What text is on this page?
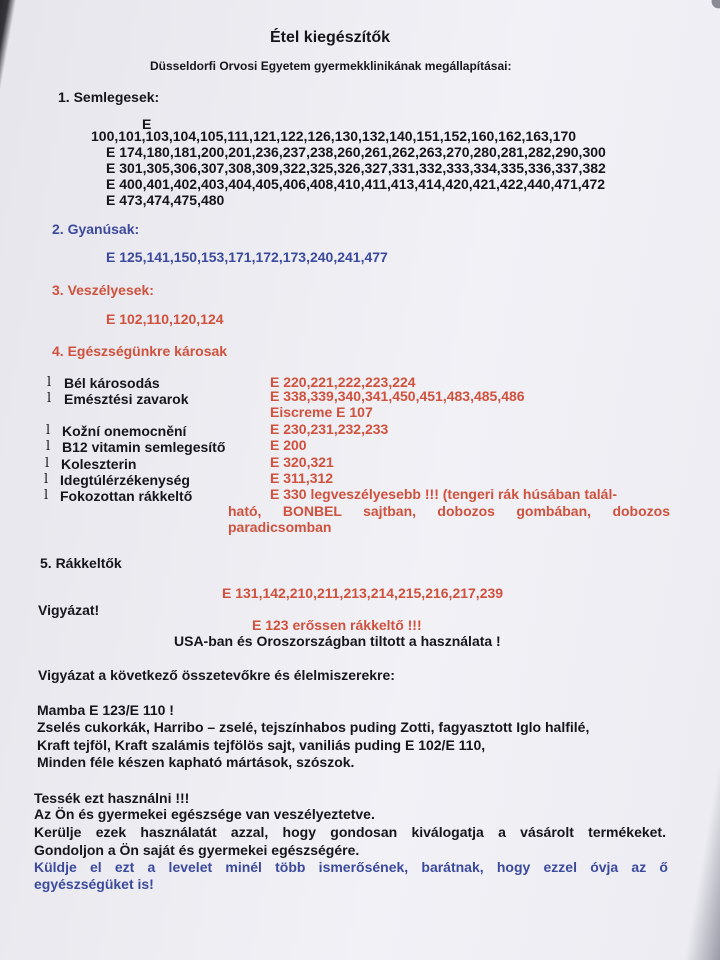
Étel kiegészítők
Düsseldorfi Orvosi Egyetem gyermekklinikának megállapításai:
1. Semlegesek:
E
100,101,103,104,105,111,121,122,126,130,132,140,151,152,160,162,163,170
E 174,180,181,200,201,236,237,238,260,261,262,263,270,280,281,282,290,300
E 301,305,306,307,308,309,322,325,326,327,331,332,333,334,335,336,337,382
E 400,401,402,403,404,405,406,408,410,411,413,414,420,421,422,440,471,472
E 473,474,475,480
2. Gyanúsak:
E 125,141,150,153,171,172,173,240,241,477
3. Veszélyesek:
E 102,110,120,124
4. Egészségünkre károsak
l Bél károsodás	E 220,221,222,223,224
l Emésztési zavarok	E 338,339,340,341,450,451,483,485,486
Eiscreme E 107
l Kožní onemocnění	E 230,231,232,233
l B12 vitamin semlegesítő	E 200
l Koleszterin	E 320,321
l Idegtúlérzékenység	E 311,312
l Fokozottan rákkeltő	E 330 legveszélyesebb !!! (tengeri rák húsában talál-
ható, BONBEL sajtban, dobozos gombában, dobozos
paradicsomban
5. Rákkeltők
E 131,142,210,211,213,214,215,216,217,239
Vigyázat!
E 123 erőssen rákkeltő !!!
USA-ban és Oroszországban tiltott a használata !
Vigyázat a következő összetevőkre és élelmiszerekre:
Mamba E 123/E 110 !
Zselés cukorkák, Harribo – zselé, tejszínhabos puding Zotti, fagyasztott Iglo halfilé,
Kraft tejföl, Kraft szalámis tejfölös sajt, vaniliás puding E 102/E 110,
Minden féle készen kapható mártások, szószok.
Tessék ezt használni !!!
Az Ön és gyermekei egészsége van veszélyeztetve.
Kerülje ezek használatát azzal, hogy gondosan kiválogatja a vásárolt termékeket.
Gondoljon a Ön saját és gyermekei egészségére.
Küldje el ezt a levelet minél több ismerősének, barátnak, hogy ezzel óvja az ő
egyészségüket is!
